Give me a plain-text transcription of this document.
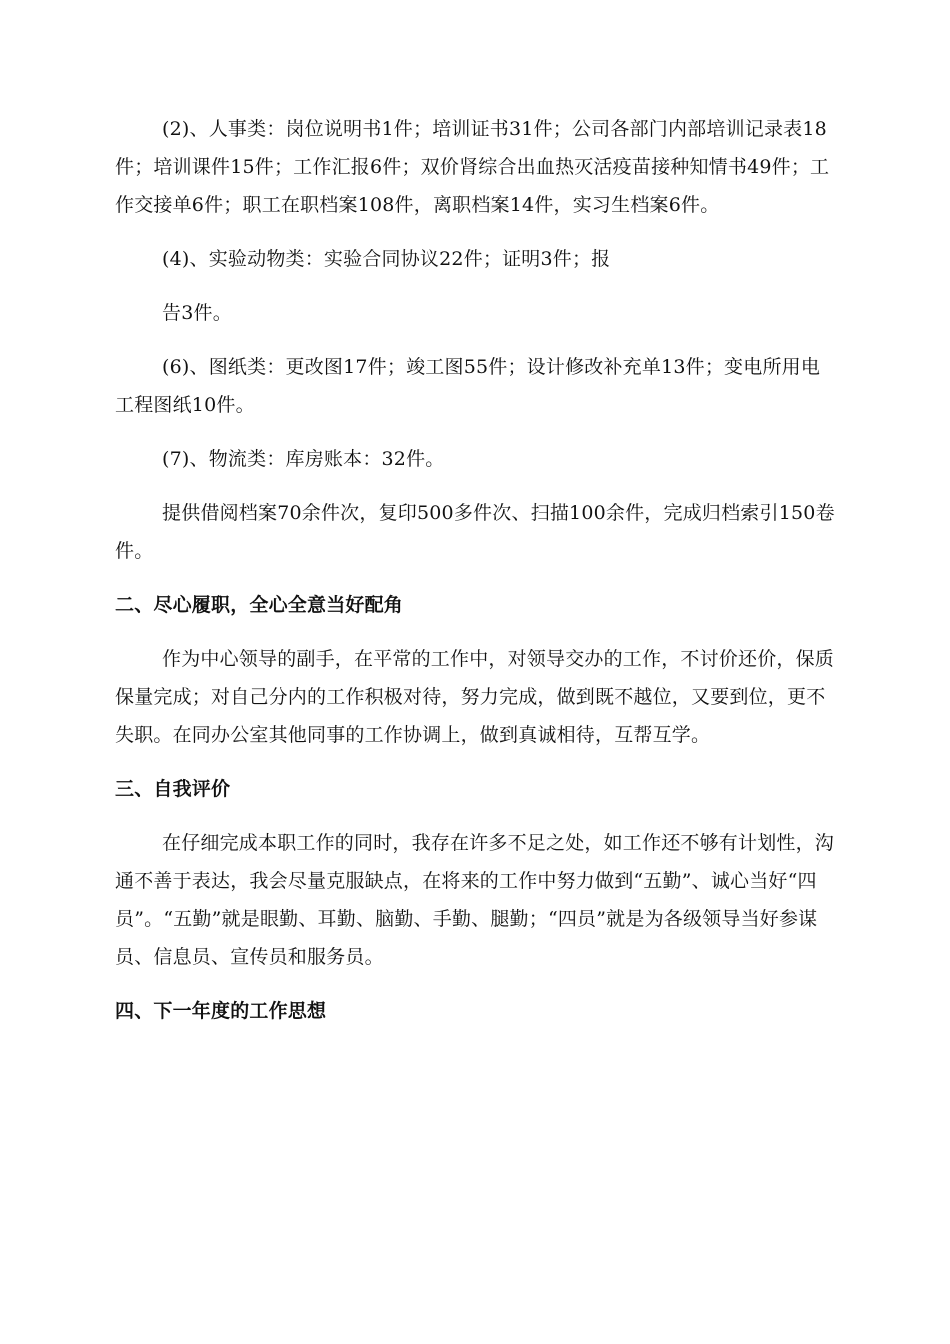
(2)、人事类：岗位说明书1件；培训证书31件；公司各部门内部培训记录表18件；培训课件15件；工作汇报6件；双价肾综合出血热灭活疫苗接种知情书49件；工作交接单6件；职工在职档案108件，离职档案14件，实习生档案6件。

(4)、实验动物类：实验合同协议22件；证明3件；报

告3件。

(6)、图纸类：更改图17件；竣工图55件；设计修改补充单13件；变电所用电工程图纸10件。

(7)、物流类：库房账本：32件。

提供借阅档案70余件次，复印500多件次、扫描100余件，完成归档索引150卷件。

二、尽心履职，全心全意当好配角

作为中心领导的副手，在平常的工作中，对领导交办的工作，不讨价还价，保质保量完成；对自己分内的工作积极对待，努力完成，做到既不越位，又要到位，更不失职。在同办公室其他同事的工作协调上，做到真诚相待，互帮互学。

三、自我评价

在仔细完成本职工作的同时，我存在许多不足之处，如工作还不够有计划性，沟通不善于表达，我会尽量克服缺点，在将来的工作中努力做到“五勤”、诚心当好“四员”。“五勤”就是眼勤、耳勤、脑勤、手勤、腿勤；“四员”就是为各级领导当好参谋员、信息员、宣传员和服务员。

四、下一年度的工作思想
